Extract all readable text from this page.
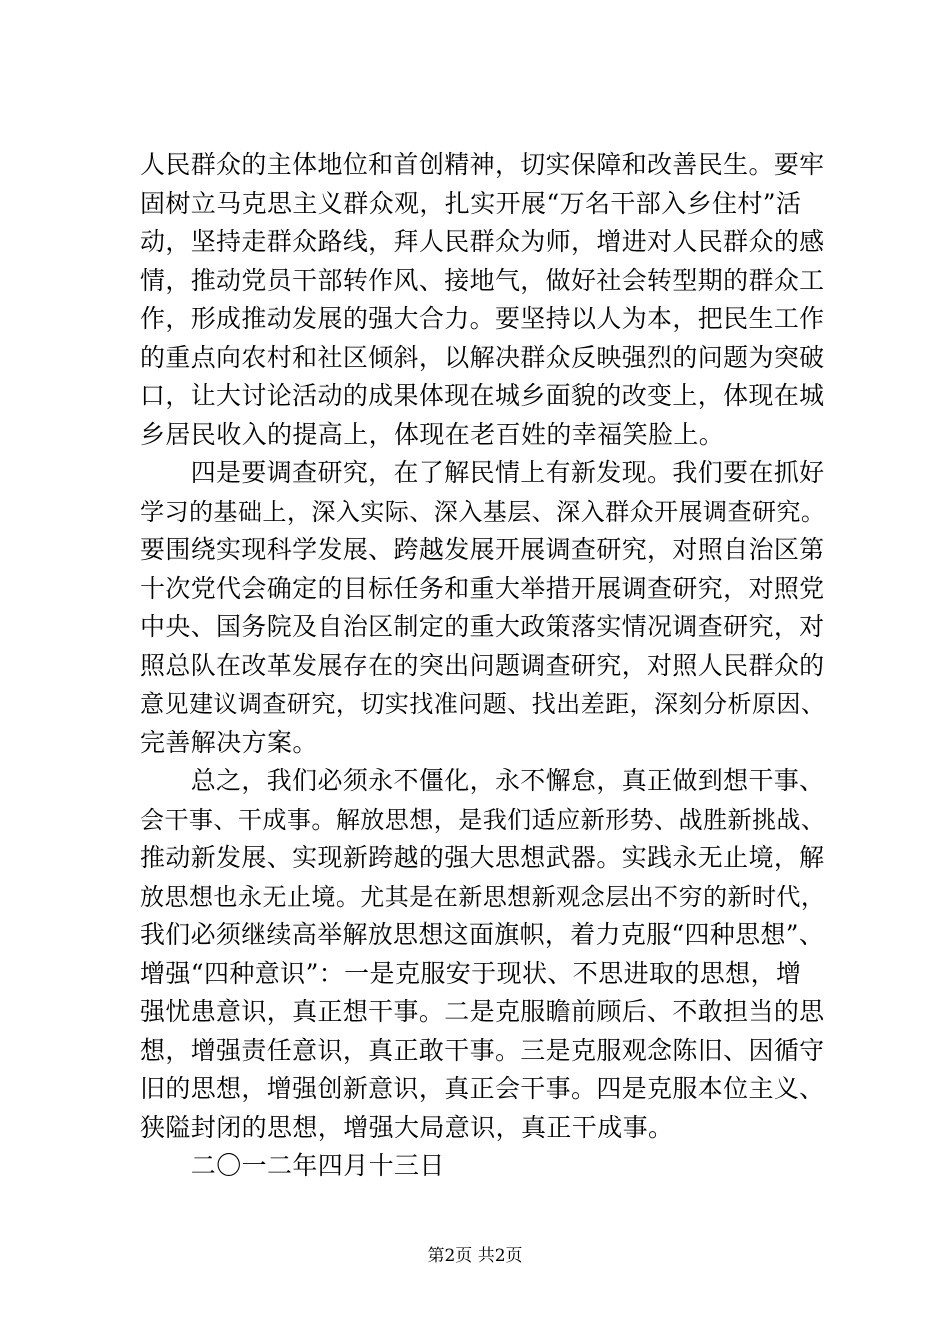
人民群众的主体地位和首创精神，切实保障和改善民生。要牢
固树立马克思主义群众观，扎实开展“万名干部入乡住村”活
动，坚持走群众路线，拜人民群众为师，增进对人民群众的感
情，推动党员干部转作风、接地气，做好社会转型期的群众工
作，形成推动发展的强大合力。要坚持以人为本，把民生工作
的重点向农村和社区倾斜，以解决群众反映强烈的问题为突破
口，让大讨论活动的成果体现在城乡面貌的改变上，体现在城
乡居民收入的提高上，体现在老百姓的幸福笑脸上。
　　四是要调查研究，在了解民情上有新发现。我们要在抓好
学习的基础上，深入实际、深入基层、深入群众开展调查研究。
要围绕实现科学发展、跨越发展开展调查研究，对照自治区第
十次党代会确定的目标任务和重大举措开展调查研究，对照党
中央、国务院及自治区制定的重大政策落实情况调查研究，对
照总队在改革发展存在的突出问题调查研究，对照人民群众的
意见建议调查研究，切实找准问题、找出差距，深刻分析原因、
完善解决方案。
　　总之，我们必须永不僵化，永不懈怠，真正做到想干事、
会干事、干成事。解放思想，是我们适应新形势、战胜新挑战、
推动新发展、实现新跨越的强大思想武器。实践永无止境，解
放思想也永无止境。尤其是在新思想新观念层出不穷的新时代，
我们必须继续高举解放思想这面旗帜，着力克服“四种思想”、
增强“四种意识”：一是克服安于现状、不思进取的思想，增
强忧患意识，真正想干事。二是克服瞻前顾后、不敢担当的思
想，增强责任意识，真正敢干事。三是克服观念陈旧、因循守
旧的思想，增强创新意识，真正会干事。四是克服本位主义、
狭隘封闭的思想，增强大局意识，真正干成事。
　　二〇一二年四月十三日
第2页 共2页
